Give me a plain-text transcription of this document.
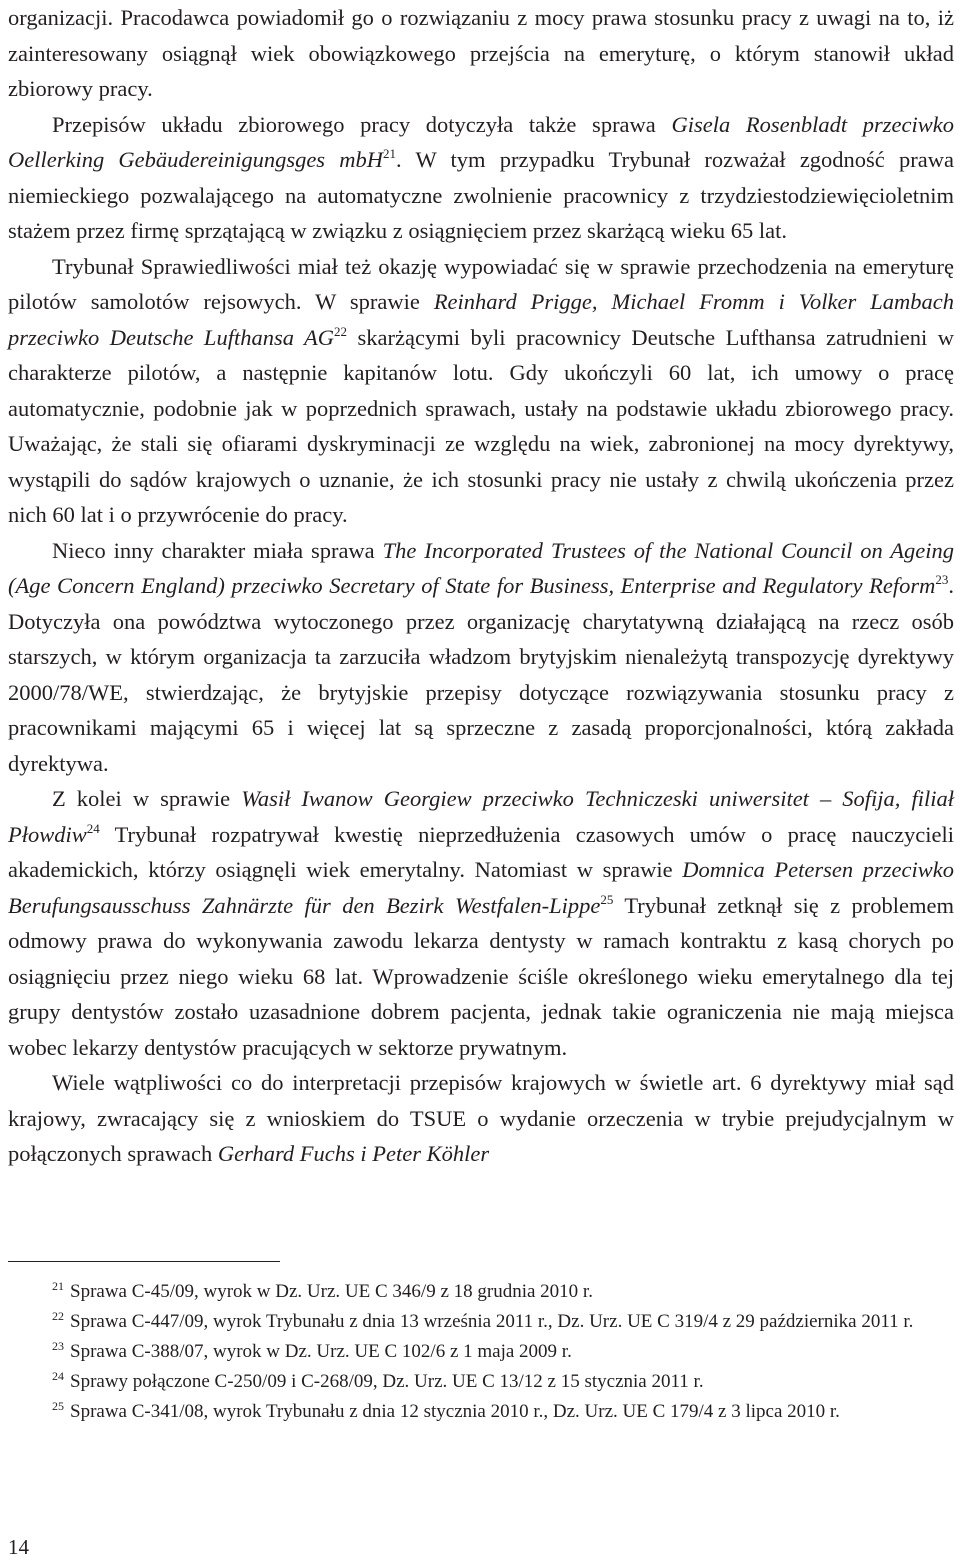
organizacji. Pracodawca powiadomił go o rozwiązaniu z mocy prawa stosunku pracy z uwagi na to, iż zainteresowany osiągnął wiek obowiązkowego przejścia na emeryturę, o którym stanowił układ zbiorowy pracy.

Przepisów układu zbiorowego pracy dotyczyła także sprawa Gisela Rosenbladt przeciwko Oellerking Gebäudereinigungsges mbH$^{21}$. W tym przypadku Trybunał rozważał zgodność prawa niemieckiego pozwalającego na automatyczne zwolnienie pracownicy z trzydziestodziewięcioletnim stażem przez firmę sprzątającą w związku z osiągnięciem przez skarżącą wieku 65 lat.

Trybunał Sprawiedliwości miał też okazję wypowiadać się w sprawie przechodzenia na emeryturę pilotów samolotów rejsowych. W sprawie Reinhard Prigge, Michael Fromm i Volker Lambach przeciwko Deutsche Lufthansa AG$^{22}$ skarżącymi byli pracownicy Deutsche Lufthansa zatrudnieni w charakterze pilotów, a następnie kapitanów lotu. Gdy ukończyli 60 lat, ich umowy o pracę automatycznie, podobnie jak w poprzednich sprawach, ustały na podstawie układu zbiorowego pracy. Uważając, że stali się ofiarami dyskryminacji ze względu na wiek, zabronionej na mocy dyrektywy, wystąpili do sądów krajowych o uznanie, że ich stosunki pracy nie ustały z chwilą ukończenia przez nich 60 lat i o przywrócenie do pracy.

Nieco inny charakter miała sprawa The Incorporated Trustees of the National Council on Ageing (Age Concern England) przeciwko Secretary of State for Business, Enterprise and Regulatory Reform$^{23}$. Dotyczyła ona powództwa wytoczonego przez organizację charytatywną działającą na rzecz osób starszych, w którym organizacja ta zarzuciła władzom brytyjskim nienależytą transpozycję dyrektywy 2000/78/WE, stwierdzając, że brytyjskie przepisy dotyczące rozwiązywania stosunku pracy z pracownikami mającymi 65 i więcej lat są sprzeczne z zasadą proporcjonalności, którą zakłada dyrektywa.

Z kolei w sprawie Wasił Iwanow Georgiew przeciwko Techniczeski uniwersitet – Sofija, filiał Płowdiw$^{24}$ Trybunał rozpatrywał kwestię nieprzedłużenia czasowych umów o pracę nauczycieli akademickich, którzy osiągnęli wiek emerytalny. Natomiast w sprawie Domnica Petersen przeciwko Berufungsausschuss Zahnärzte für den Bezirk Westfalen-Lippe$^{25}$ Trybunał zetknął się z problemem odmowy prawa do wykonywania zawodu lekarza dentysty w ramach kontraktu z kasą chorych po osiągnięciu przez niego wieku 68 lat. Wprowadzenie ściśle określonego wieku emerytalnego dla tej grupy dentystów zostało uzasadnione dobrem pacjenta, jednak takie ograniczenia nie mają miejsca wobec lekarzy dentystów pracujących w sektorze prywatnym.

Wiele wątpliwości co do interpretacji przepisów krajowych w świetle art. 6 dyrektywy miał sąd krajowy, zwracający się z wnioskiem do TSUE o wydanie orzeczenia w trybie prejudycjalnym w połączonych sprawach Gerhard Fuchs i Peter Köhler

$^{21}$ Sprawa C-45/09, wyrok w Dz. Urz. UE C 346/9 z 18 grudnia 2010 r.

$^{22}$ Sprawa C-447/09, wyrok Trybunału z dnia 13 września 2011 r., Dz. Urz. UE C 319/4 z 29 października 2011 r.

$^{23}$ Sprawa C-388/07, wyrok w Dz. Urz. UE C 102/6 z 1 maja 2009 r.

$^{24}$ Sprawy połączone C-250/09 i C-268/09, Dz. Urz. UE C 13/12 z 15 stycznia 2011 r.

$^{25}$ Sprawa C-341/08, wyrok Trybunału z dnia 12 stycznia 2010 r., Dz. Urz. UE C 179/4 z 3 lipca 2010 r.

14
